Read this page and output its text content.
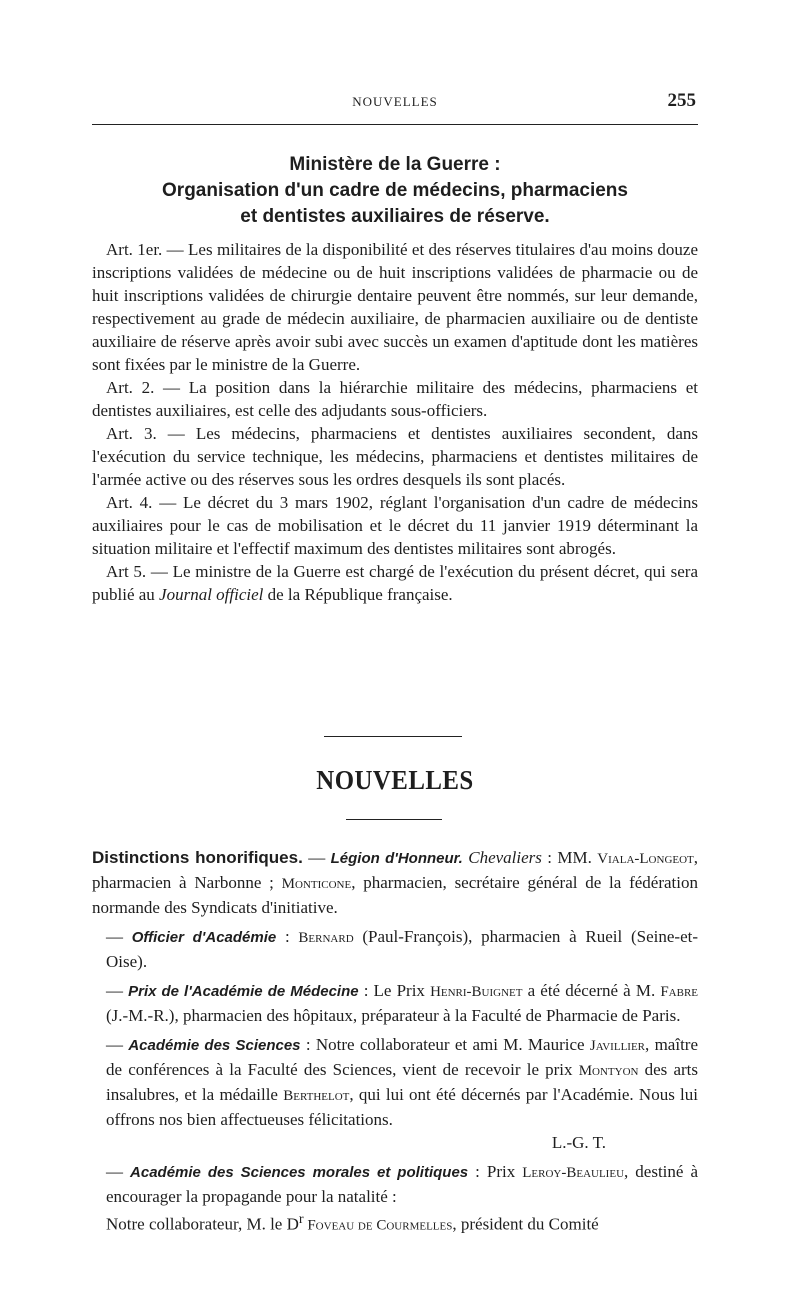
NOUVELLES	255
Ministère de la Guerre :
Organisation d'un cadre de médecins, pharmaciens
et dentistes auxiliaires de réserve.

Art. 1er. — Les militaires de la disponibilité et des réserves titulaires d'au moins douze inscriptions validées de médecine ou de huit inscriptions validées de pharmacie ou de huit inscriptions validées de chirurgie dentaire peuvent être nommés, sur leur demande, respectivement au grade de médecin auxiliaire, de pharmacien auxiliaire ou de dentiste auxiliaire de réserve après avoir subi avec succès un examen d'aptitude dont les matières sont fixées par le ministre de la Guerre.

Art. 2. — La position dans la hiérarchie militaire des médecins, pharmaciens et dentistes auxiliaires, est celle des adjudants sous-officiers.

Art. 3. — Les médecins, pharmaciens et dentistes auxiliaires secondent, dans l'exécution du service technique, les médecins, pharmaciens et dentistes militaires de l'armée active ou des réserves sous les ordres desquels ils sont placés.

Art. 4. — Le décret du 3 mars 1902, réglant l'organisation d'un cadre de médecins auxiliaires pour le cas de mobilisation et le décret du 11 janvier 1919 déterminant la situation militaire et l'effectif maximum des dentistes militaires sont abrogés.

Art 5. — Le ministre de la Guerre est chargé de l'exécution du présent décret, qui sera publié au Journal officiel de la République française.

NOUVELLES

Distinctions honorifiques. — Légion d'Honneur. Chevaliers : MM. Viala-Longeot, pharmacien à Narbonne ; Monticone, pharmacien, secrétaire général de la fédération normande des Syndicats d'initiative.

— Officier d'Académie : Bernard (Paul-François), pharmacien à Rueil (Seine-et-Oise).

— Prix de l'Académie de Médecine : Le Prix Henri-Buignet a été décerné à M. Fabre (J.-M.-R.), pharmacien des hôpitaux, préparateur à la Faculté de Pharmacie de Paris.

— Académie des Sciences : Notre collaborateur et ami M. Maurice Javillier, maître de conférences à la Faculté des Sciences, vient de recevoir le prix Montyon des arts insalubres, et la médaille Berthelot, qui lui ont été décernés par l'Académie. Nous lui offrons nos bien affectueuses félicitations.

L.-G. T.

— Académie des Sciences morales et politiques : Prix Leroy-Beaulieu, destiné à encourager la propagande pour la natalité :

Notre collaborateur, M. le $D^r$ Foveau de Courmelles, président du Comité
